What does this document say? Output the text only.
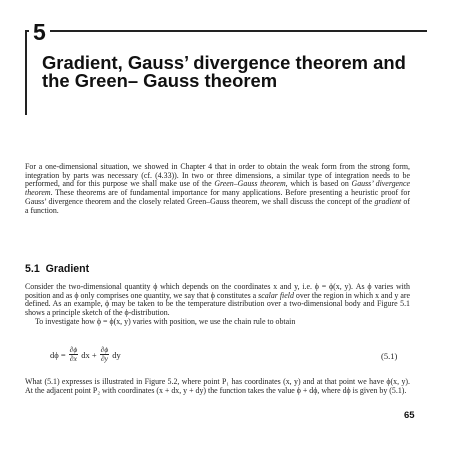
5
Gradient, Gauss’ divergence theorem and the Green– Gauss theorem
For a one-dimensional situation, we showed in Chapter 4 that in order to obtain the weak form from the strong form, integration by parts was necessary (cf. (4.33)). In two or three dimensions, a similar type of integration needs to be performed, and for this purpose we shall make use of the Green–Gauss theorem, which is based on Gauss’ divergence theorem. These theorems are of fundamental importance for many applications. Before presenting a heuristic proof for Gauss’ divergence theorem and the closely related Green–Gauss theorem, we shall discuss the concept of the gradient of a function.
5.1 Gradient
Consider the two-dimensional quantity ϕ which depends on the coordinates x and y, i.e. ϕ = ϕ(x, y). As ϕ varies with position and as ϕ only comprises one quantity, we say that ϕ constitutes a scalar field over the region in which x and y are defined. As an example, ϕ may be taken to be the temperature distribution over a two-dimensional body and Figure 5.1 shows a principle sketch of the ϕ-distribution.
To investigate how ϕ = ϕ(x, y) varies with position, we use the chain rule to obtain
$d\phi = \frac{\partial\phi}{\partial x}$ dx + $\frac{\partial\phi}{\partial y}$ dy	(5.1)
What (5.1) expresses is illustrated in Figure 5.2, where point P₁ has coordinates (x, y) and at that point we have ϕ(x, y). At the adjacent point P₂ with coordinates (x + dx, y + dy) the function takes the value ϕ + dϕ, where dϕ is given by (5.1).
65
